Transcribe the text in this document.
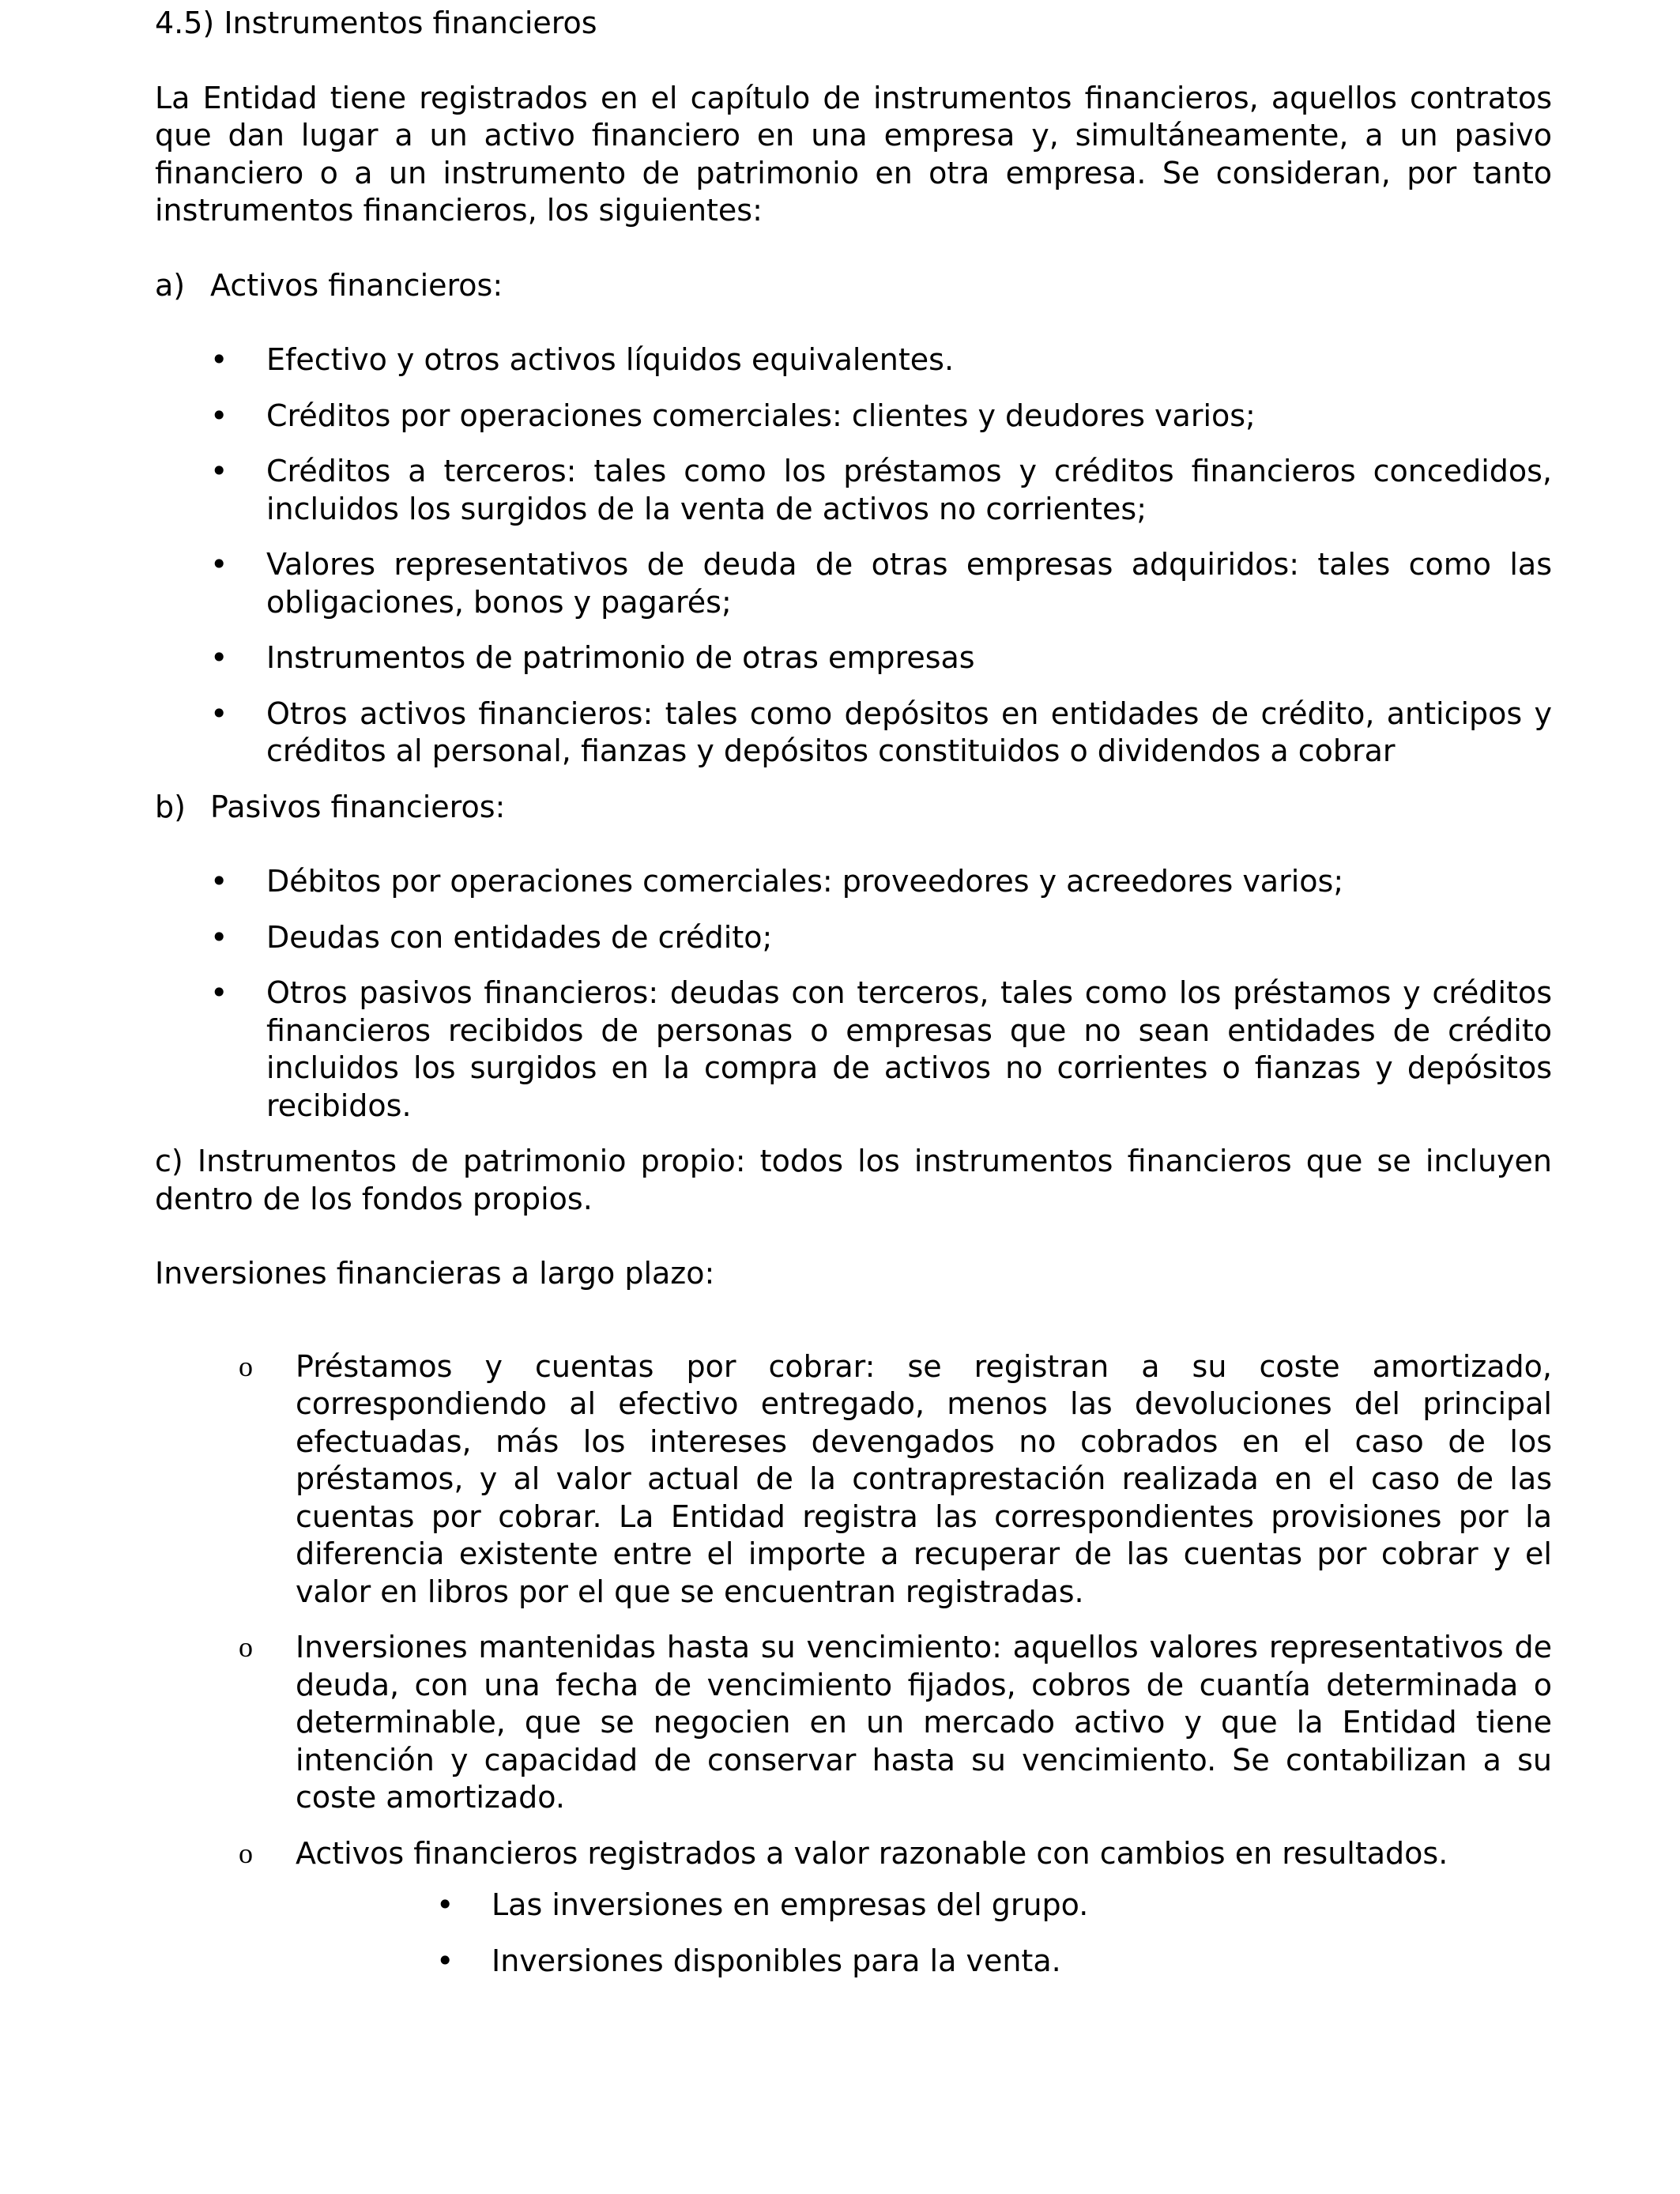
4.5) Instrumentos financieros

La Entidad tiene registrados en el capítulo de instrumentos financieros, aquellos contratos que dan lugar a un activo financiero en una empresa y, simultáneamente, a un pasivo financiero o a un instrumento de patrimonio en otra empresa. Se consideran, por tanto instrumentos financieros, los siguientes:

a) Activos financieros:
• Efectivo y otros activos líquidos equivalentes.
• Créditos por operaciones comerciales: clientes y deudores varios;
• Créditos a terceros: tales como los préstamos y créditos financieros concedidos, incluidos los surgidos de la venta de activos no corrientes;
• Valores representativos de deuda de otras empresas adquiridos: tales como las obligaciones, bonos y pagarés;
• Instrumentos de patrimonio de otras empresas
• Otros activos financieros: tales como depósitos en entidades de crédito, anticipos y créditos al personal, fianzas y depósitos constituidos o dividendos a cobrar
b) Pasivos financieros:
• Débitos por operaciones comerciales: proveedores y acreedores varios;
• Deudas con entidades de crédito;
• Otros pasivos financieros: deudas con terceros, tales como los préstamos y créditos financieros recibidos de personas o empresas que no sean entidades de crédito incluidos los surgidos en la compra de activos no corrientes o fianzas y depósitos recibidos.

c) Instrumentos de patrimonio propio: todos los instrumentos financieros que se incluyen dentro de los fondos propios.

Inversiones financieras a largo plazo:

o Préstamos y cuentas por cobrar: se registran a su coste amortizado, correspondiendo al efectivo entregado, menos las devoluciones del principal efectuadas, más los intereses devengados no cobrados en el caso de los préstamos, y al valor actual de la contraprestación realizada en el caso de las cuentas por cobrar. La Entidad registra las correspondientes provisiones por la diferencia existente entre el importe a recuperar de las cuentas por cobrar y el valor en libros por el que se encuentran registradas.
o Inversiones mantenidas hasta su vencimiento: aquellos valores representativos de deuda, con una fecha de vencimiento fijados, cobros de cuantía determinada o determinable, que se negocien en un mercado activo y que la Entidad tiene intención y capacidad de conservar hasta su vencimiento. Se contabilizan a su coste amortizado.
o Activos financieros registrados a valor razonable con cambios en resultados.
• Las inversiones en empresas del grupo.
• Inversiones disponibles para la venta.
